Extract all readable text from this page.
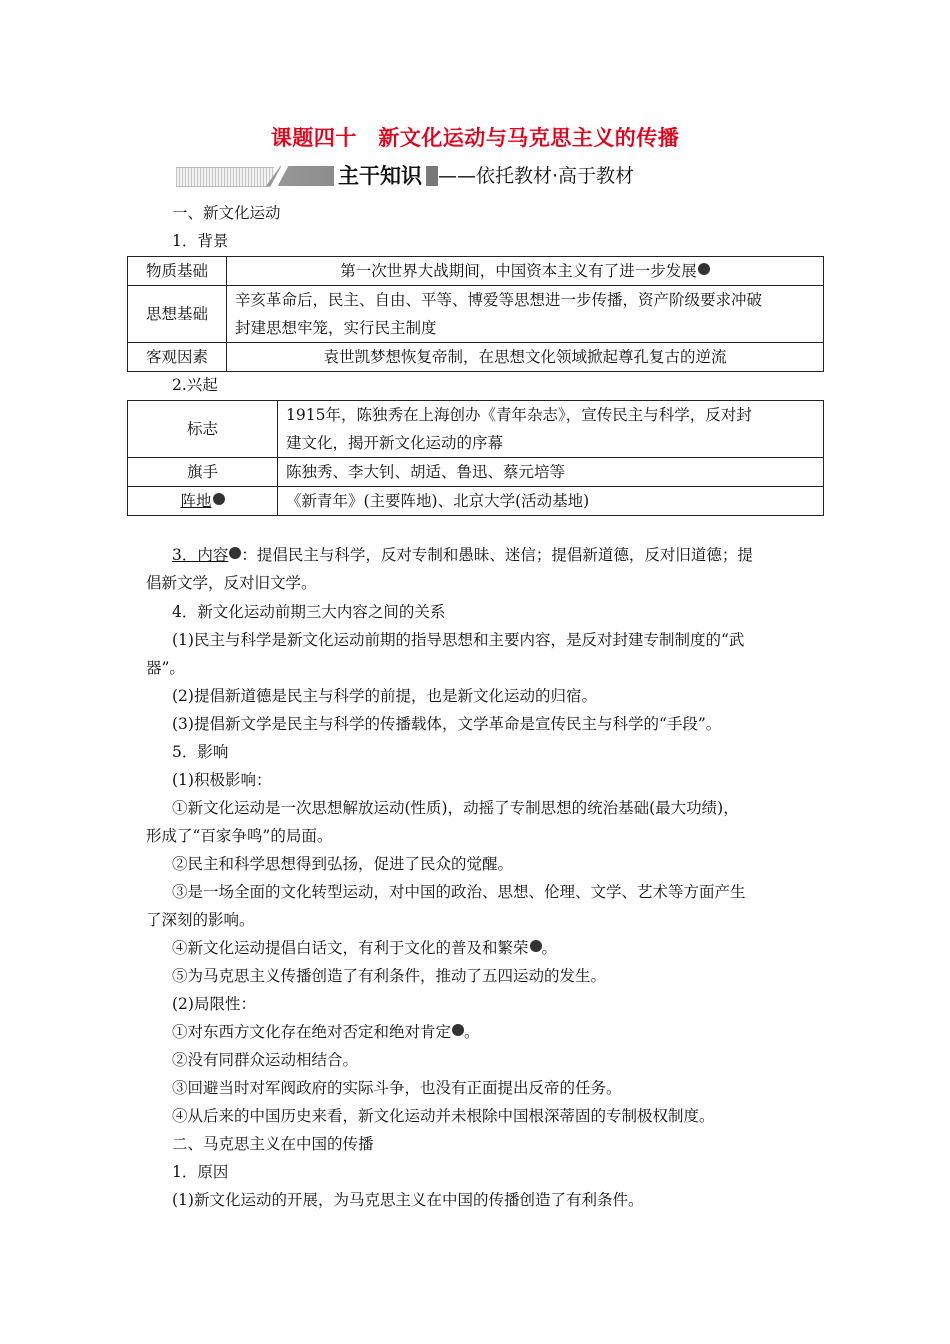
课题四十　新文化运动与马克思主义的传播
主干知识 ——依托教材·高于教材
一、新文化运动
1．背景
物质基础	第一次世界大战期间，中国资本主义有了进一步发展
思想基础	辛亥革命后，民主、自由、平等、博爱等思想进一步传播，资产阶级要求冲破
封建思想牢笼，实行民主制度

客观因素	袁世凯梦想恢复帝制，在思想文化领域掀起尊孔复古的逆流
2.兴起
标志	1915年，陈独秀在上海创办《青年杂志》，宣传民主与科学，反对封
建文化，揭开新文化运动的序幕

旗手	陈独秀、李大钊、胡适、鲁迅、蔡元培等
阵地	《新青年》(主要阵地)、北京大学(活动基地)
3．内容 ：提倡民主与科学，反对专制和愚昧、迷信；提倡新道德，反对旧道德；提
倡新文学，反对旧文学。
4．新文化运动前期三大内容之间的关系
(1)民主与科学是新文化运动前期的指导思想和主要内容，是反对封建专制制度的“武
器”。
(2)提倡新道德是民主与科学的前提，也是新文化运动的归宿。
(3)提倡新文学是民主与科学的传播载体，文学革命是宣传民主与科学的“手段”。
5．影响
(1)积极影响：
①新文化运动是一次思想解放运动(性质)，动摇了专制思想的统治基础(最大功绩)，
形成了“百家争鸣”的局面。
②民主和科学思想得到弘扬，促进了民众的觉醒。
③是一场全面的文化转型运动，对中国的政治、思想、伦理、文学、艺术等方面产生
了深刻的影响。
④新文化运动提倡白话文，有利于文化的普及和繁荣 。
⑤为马克思主义传播创造了有利条件，推动了五四运动的发生。
(2)局限性：
①对东西方文化存在绝对否定和绝对肯定 。
②没有同群众运动相结合。
③回避当时对军阀政府的实际斗争，也没有正面提出反帝的任务。
④从后来的中国历史来看，新文化运动并未根除中国根深蒂固的专制极权制度。
二、马克思主义在中国的传播
1．原因
(1)新文化运动的开展，为马克思主义在中国的传播创造了有利条件。
